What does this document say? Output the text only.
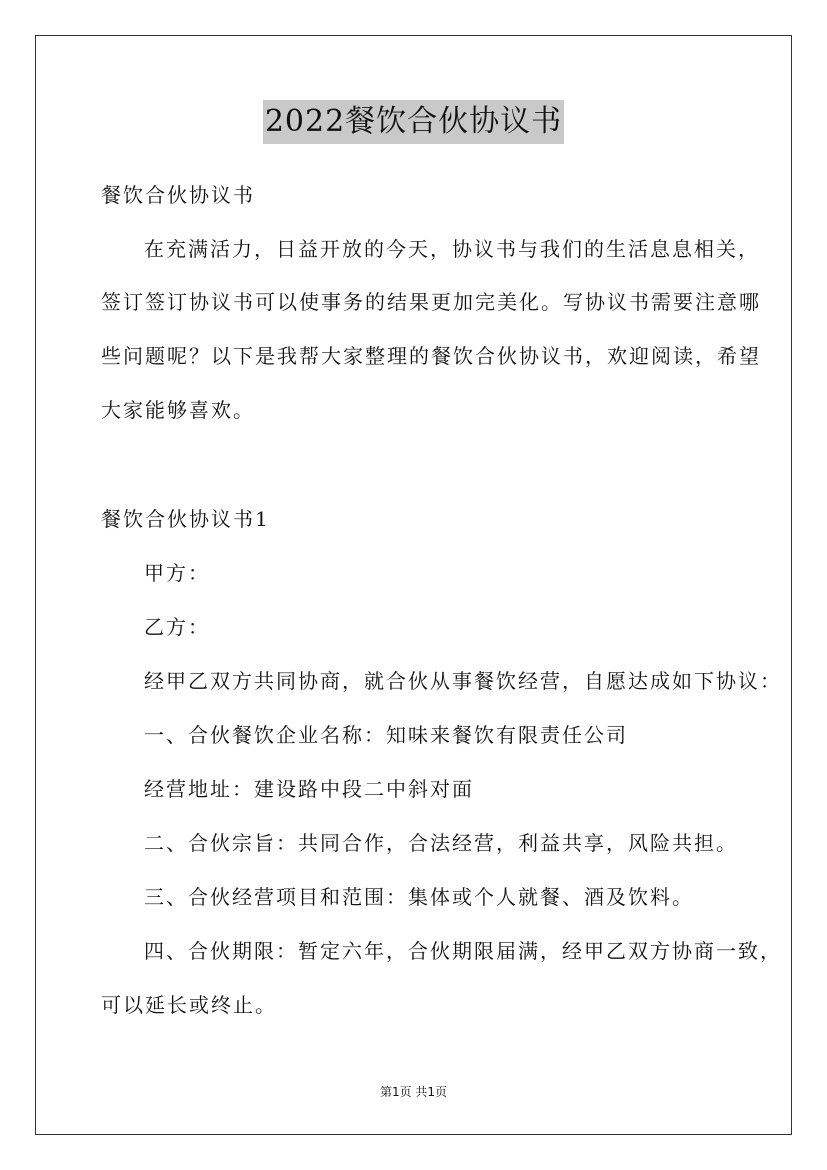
2022餐饮合伙协议书
餐饮合伙协议书
在充满活力，日益开放的今天，协议书与我们的生活息息相关，
签订签订协议书可以使事务的结果更加完美化。写协议书需要注意哪
些问题呢？以下是我帮大家整理的餐饮合伙协议书，欢迎阅读，希望
大家能够喜欢。
餐饮合伙协议书1
甲方：
乙方：
经甲乙双方共同协商，就合伙从事餐饮经营，自愿达成如下协议：
一、合伙餐饮企业名称：知味来餐饮有限责任公司
经营地址：建设路中段二中斜对面
二、合伙宗旨：共同合作，合法经营，利益共享，风险共担。
三、合伙经营项目和范围：集体或个人就餐、酒及饮料。
四、合伙期限：暂定六年，合伙期限届满，经甲乙双方协商一致，
可以延长或终止。
第1页 共1页
